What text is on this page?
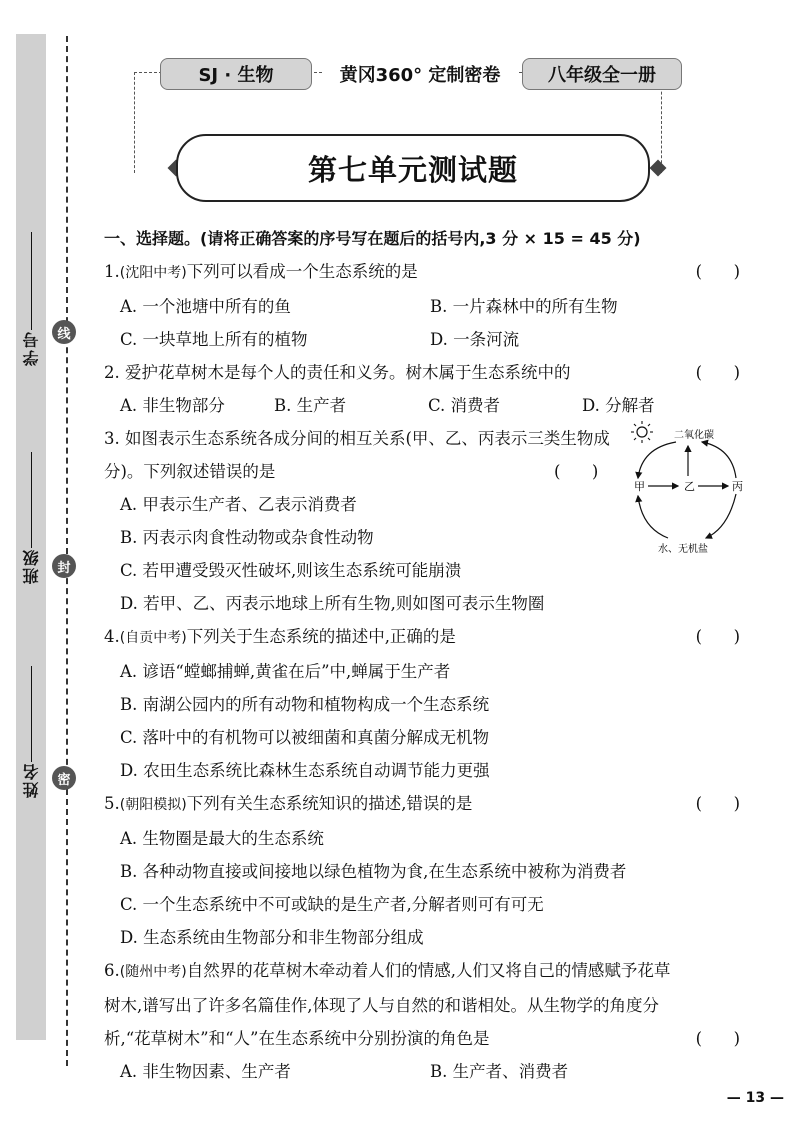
线
封
密
学号
班级
姓名
SJ · 生物	黄冈360° 定制密卷	八年级全一册
第七单元测试题
一、选择题。(请将正确答案的序号写在题后的括号内,3 分 × 15 = 45 分)
1.(沈阳中考)下列可以看成一个生态系统的是	(      )
A. 一个池塘中所有的鱼	B. 一片森林中的所有生物
C. 一块草地上所有的植物	D. 一条河流
2. 爱护花草树木是每个人的责任和义务。树木属于生态系统中的	(      )
A. 非生物部分	B. 生产者	C. 消费者	D. 分解者
3. 如图表示生态系统各成分间的相互关系(甲、乙、丙表示三类生物成
分)。下列叙述错误的是	(      )
A. 甲表示生产者、乙表示消费者
B. 丙表示肉食性动物或杂食性动物
C. 若甲遭受毁灭性破坏,则该生态系统可能崩溃
D. 若甲、乙、丙表示地球上所有生物,则如图可表示生物圈
二氧化碳
甲	乙	丙
水、无机盐
4.(自贡中考)下列关于生态系统的描述中,正确的是	(      )
A. 谚语“螳螂捕蝉,黄雀在后”中,蝉属于生产者
B. 南湖公园内的所有动物和植物构成一个生态系统
C. 落叶中的有机物可以被细菌和真菌分解成无机物
D. 农田生态系统比森林生态系统自动调节能力更强
5.(朝阳模拟)下列有关生态系统知识的描述,错误的是	(      )
A. 生物圈是最大的生态系统
B. 各种动物直接或间接地以绿色植物为食,在生态系统中被称为消费者
C. 一个生态系统中不可或缺的是生产者,分解者则可有可无
D. 生态系统由生物部分和非生物部分组成
6.(随州中考)自然界的花草树木牵动着人们的情感,人们又将自己的情感赋予花草
树木,谱写出了许多名篇佳作,体现了人与自然的和谐相处。从生物学的角度分
析,“花草树木”和“人”在生态系统中分别扮演的角色是	(      )
A. 非生物因素、生产者	B. 生产者、消费者
— 13 —
